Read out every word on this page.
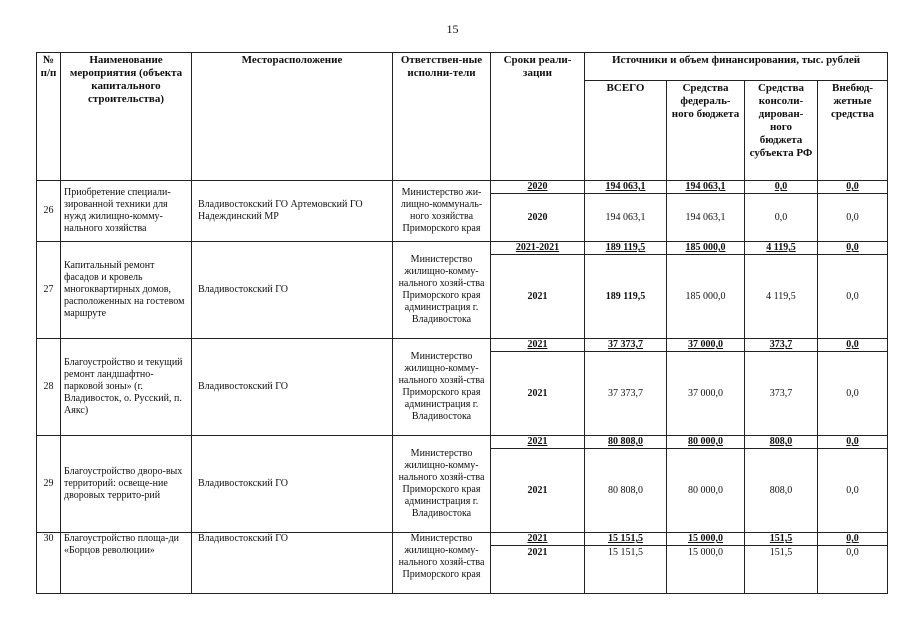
15
№ п/п	Наименование мероприятия (объекта капитального строительства)	Месторасположение	Ответствен-ные исполни-тели	Сроки реали-зации	Источники и объем финансирования, тыс. рублей			
					ВСЕГО	Средства федераль-ного бюджета	Средства консоли-дирован-ного бюджета субъекта РФ	Внебюд-жетные средства
26	Приобретение специали-зированной техники для нужд жилищно-комму-нального хозяйства	Владивостокский ГО Артемовский ГО Надеждинский МР	Министерство жи-лищно-коммуналь-ного хозяйства Приморского края	2020	194 063,1	194 063,1	0,0	0,0
				2020	194 063,1	194 063,1	0,0	0,0
27	Капитальный ремонт фасадов и кровель многоквартирных домов, расположенных на гостевом маршруте	Владивостокский ГО	Министерство жилищно-комму-нального хозяй-ства Приморского края администрация г. Владивостока	2021-2021	189 119,5	185 000,0	4 119,5	0,0
				2021	189 119,5	185 000,0	4 119,5	0,0
28	Благоустройство и текущий ремонт ландшафтно-парковой зоны» (г. Владивосток, о. Русский, п. Аякс)	Владивостокский ГО	Министерство жилищно-комму-нального хозяй-ства Приморского края администрация г. Владивостока	2021	37 373,7	37 000,0	373,7	0,0
				2021	37 373,7	37 000,0	373,7	0,0
29	Благоустройство дворо-вых территорий: освеще-ние дворовых террито-рий	Владивостокский ГО	Министерство жилищно-комму-нального хозяй-ства Приморского края администрация г. Владивостока	2021	80 808,0	80 000,0	808,0	0,0
				2021	80 808,0	80 000,0	808,0	0,0
30	Благоустройство площа-ди «Борцов революции»	Владивостокский ГО	Министерство жилищно-комму-нального хозяй-ства Приморского края	2021	15 151,5	15 000,0	151,5	0,0
				2021	15 151,5	15 000,0	151,5	0,0
